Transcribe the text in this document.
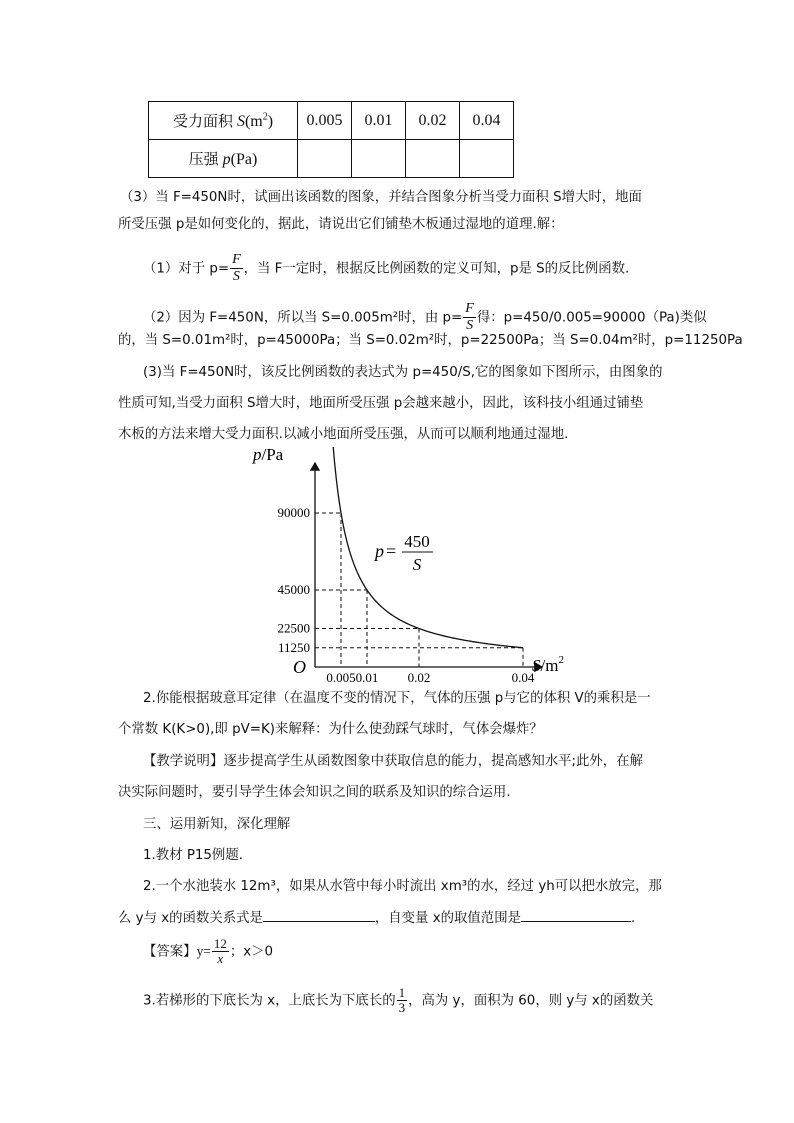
受力面积 $S(m^2)$	0.005	0.01	0.02	0.04
压强 p(Pa)				
（3）当 F=450N时，试画出该函数的图象，并结合图象分析当受力面积 S增大时，地面
所受压强 p是如何变化的，据此，请说出它们铺垫木板通过湿地的道理.解：
（1）对于 $p= \frac{F}{S}$ ，当 F一定时，根据反比例函数的定义可知，p是 S的反比例函数.
（2）因为 F=450N，所以当 S=0.005m²时，由 $p= \frac{F}{S}$ 得：p=450/0.005=90000（Pa)类似
的，当 S=0.01m²时，p=45000Pa；当 S=0.02m²时，p=22500Pa；当 S=0.04m²时，p=11250Pa
(3)当 F=450N时，该反比例函数的表达式为 p=450/S,它的图象如下图所示，由图象的
性质可知,当受力面积 S增大时，地面所受压强 p会越来越小，因此，该科技小组通过铺垫
木板的方法来增大受力面积.以减小地面所受压强，从而可以顺利地通过湿地.
90000
45000
22500
11250
0.005 0.01 0.02	0.04
O
p/Pa
$S/m^2$
p = 450
S
2.你能根据玻意耳定律（在温度不变的情况下，气体的压强 p与它的体积 V的乘积是一
个常数 K(K>0),即 pV=K)来解释：为什么使劲踩气球时，气体会爆炸？
【教学说明】逐步提高学生从函数图象中获取信息的能力，提高感知水平;此外，在解
决实际问题时，要引导学生体会知识之间的联系及知识的综合运用.
三、运用新知，深化理解
1.教材 P15例题.
2.一个水池装水 12m³，如果从水管中每小时流出 xm³的水，经过 yh可以把水放完，那
么 y与 x的函数关系式是	，自变量 x的取值范围是	.
【答案】$y= \frac{12}{x}$ ；x＞0
3.若梯形的下底长为 x，上底长为下底长的 $\frac{1}{3}$ ，高为 y，面积为 60，则 y与 x的函数关
